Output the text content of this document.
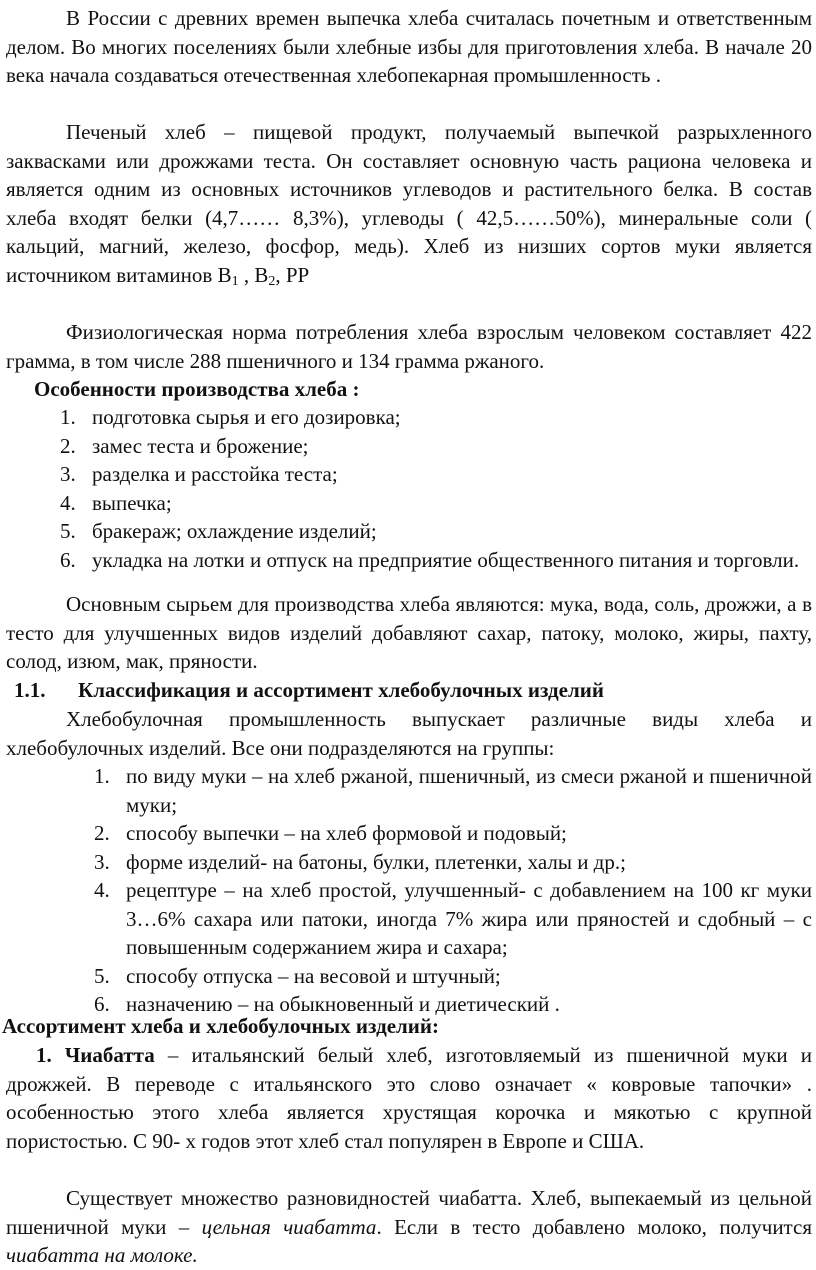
В России с древних времен выпечка хлеба считалась почетным и ответственным делом. Во многих поселениях были хлебные избы для приготовления хлеба. В начале 20 века начала создаваться отечественная хлебопекарная промышленность .

Печеный хлеб – пищевой продукт, получаемый выпечкой разрыхленного заквасками или дрожжами теста. Он составляет основную часть рациона человека и является одним из основных источников углеводов и растительного белка. В состав хлеба входят белки (4,7…… 8,3%), углеводы ( 42,5……50%), минеральные соли ( кальций, магний, железо, фосфор, медь). Хлеб из низших сортов муки является источником витаминов $В_1$ , $В_2$, РР

Физиологическая норма потребления хлеба взрослым человеком составляет 422 грамма, в том числе 288 пшеничного и 134 грамма ржаного.

Особенности производства хлеба :

1. подготовка сырья и его дозировка;
2. замес теста и брожение;
3. разделка и расстойка теста;
4. выпечка;
5. бракераж; охлаждение изделий;
6. укладка на лотки и отпуск на предприятие общественного питания и торговли.

Основным сырьем для производства хлеба являются: мука, вода, соль, дрожжи, а в тесто для улучшенных видов изделий добавляют сахар, патоку, молоко, жиры, пахту, солод, изюм, мак, пряности.

1.1. Классификация и ассортимент хлебобулочных изделий

Хлебобулочная промышленность выпускает различные виды хлеба и хлебобулочных изделий. Все они подразделяются на группы:

1. по виду муки – на хлеб ржаной, пшеничный, из смеси ржаной и пшеничной муки;
2. способу выпечки – на хлеб формовой и подовый;
3. форме изделий- на батоны, булки, плетенки, халы и др.;
4. рецептуре – на хлеб простой, улучшенный- с добавлением на 100 кг муки 3…6% сахара или патоки, иногда 7% жира или пряностей и сдобный – с повышенным содержанием жира и сахара;
5. способу отпуска – на весовой и штучный;
6. назначению – на обыкновенный и диетический .

Ассортимент хлеба и хлебобулочных изделий:

1. Чиабатта – итальянский белый хлеб, изготовляемый из пшеничной муки и дрожжей. В переводе с итальянского это слово означает « ковровые тапочки» . особенностью этого хлеба является хрустящая корочка и мякотью с крупной пористостью. С 90- х годов этот хлеб стал популярен в Европе и США.

Существует множество разновидностей чиабатта. Хлеб, выпекаемый из цельной пшеничной муки – цельная чиабатта. Если в тесто добавлено молоко, получится чиабатта на молоке.
